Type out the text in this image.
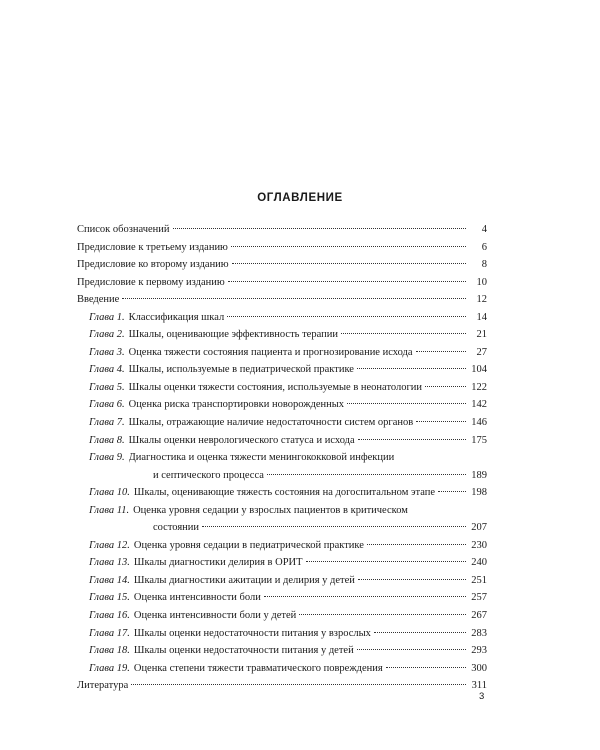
ОГЛАВЛЕНИЕ
Список обозначений	4
Предисловие к третьему изданию	6
Предисловие ко второму изданию	8
Предисловие к первому изданию	10
Введение	12
Глава 1. Классификация шкал	14
Глава 2. Шкалы, оценивающие эффективность терапии	21
Глава 3. Оценка тяжести состояния пациента и прогнозирование исхода	27
Глава 4. Шкалы, используемые в педиатрической практике	104
Глава 5. Шкалы оценки тяжести состояния, используемые в неонатологии	122
Глава 6. Оценка риска транспортировки новорожденных	142
Глава 7. Шкалы, отражающие наличие недостаточности систем органов	146
Глава 8. Шкалы оценки неврологического статуса и исхода	175
Глава 9. Диагностика и оценка тяжести менингококковой инфекции
и септического процесса	189
Глава 10. Шкалы, оценивающие тяжесть состояния на догоспитальном этапе	198
Глава 11. Оценка уровня седации у взрослых пациентов в критическом
состоянии	207
Глава 12. Оценка уровня седации в педиатрической практике	230
Глава 13. Шкалы диагностики делирия в ОРИТ	240
Глава 14. Шкалы диагностики ажитации и делирия у детей	251
Глава 15. Оценка интенсивности боли	257
Глава 16. Оценка интенсивности боли у детей	267
Глава 17. Шкалы оценки недостаточности питания у взрослых	283
Глава 18. Шкалы оценки недостаточности питания у детей	293
Глава 19. Оценка степени тяжести травматического повреждения	300
Литература	311
3
